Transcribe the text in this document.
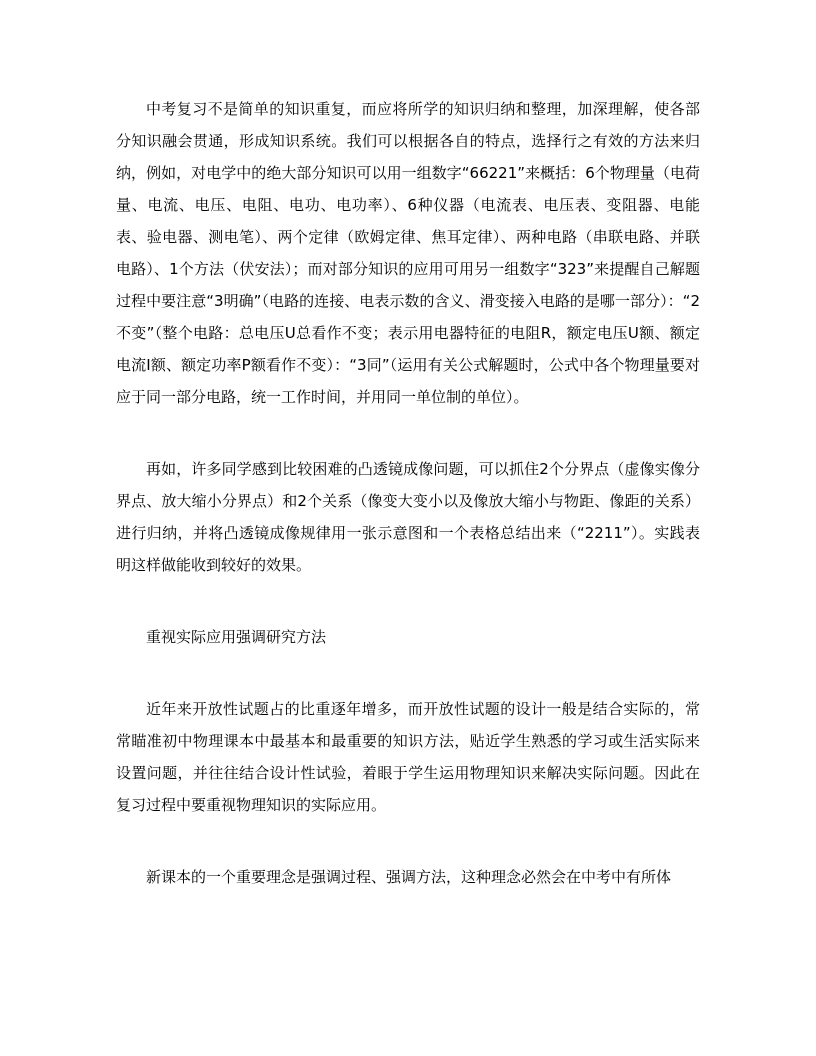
中考复习不是简单的知识重复，而应将所学的知识归纳和整理，加深理解，使各部分知识融会贯通，形成知识系统。我们可以根据各自的特点，选择行之有效的方法来归纳，例如，对电学中的绝大部分知识可以用一组数字“66221”来概括：6个物理量（电荷量、电流、电压、电阻、电功、电功率）、6种仪器（电流表、电压表、变阻器、电能表、验电器、测电笔）、两个定律（欧姆定律、焦耳定律）、两种电路（串联电路、并联电路）、1个方法（伏安法）；而对部分知识的应用可用另一组数字“323”来提醒自己解题过程中要注意“3明确”（电路的连接、电表示数的含义、滑变接入电路的是哪一部分）：“2不变”（整个电路：总电压U总看作不变；表示用电器特征的电阻R，额定电压U额、额定电流I额、额定功率P额看作不变）：“3同”（运用有关公式解题时，公式中各个物理量要对应于同一部分电路，统一工作时间，并用同一单位制的单位）。

再如，许多同学感到比较困难的凸透镜成像问题，可以抓住2个分界点（虚像实像分界点、放大缩小分界点）和2个关系（像变大变小以及像放大缩小与物距、像距的关系）进行归纳，并将凸透镜成像规律用一张示意图和一个表格总结出来（“2211”）。实践表明这样做能收到较好的效果。

重视实际应用强调研究方法

近年来开放性试题占的比重逐年增多，而开放性试题的设计一般是结合实际的，常常瞄准初中物理课本中最基本和最重要的知识方法，贴近学生熟悉的学习或生活实际来设置问题，并往往结合设计性试验，着眼于学生运用物理知识来解决实际问题。因此在复习过程中要重视物理知识的实际应用。

新课本的一个重要理念是强调过程、强调方法，这种理念必然会在中考中有所体
